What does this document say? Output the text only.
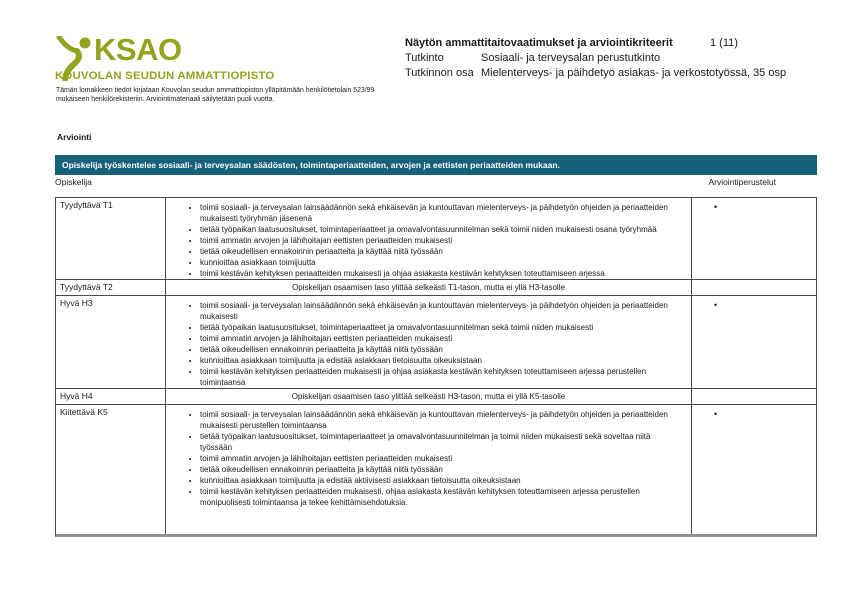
KSAO
KOUVOLAN SEUDUN AMMATTIOPISTO
Tämän lomakkeen tiedot kirjataan Kouvolan seudun ammattiopiston ylläpitämään henkilötietolain 523/99 mukaiseen henkilörekisteriin. Arviointimateriaali säilytetään puoli vuotta.
Näytön ammattitaitovaatimukset ja arviointikriteerit	1 (11)
Tutkinto	Sosiaali- ja terveysalan perustutkinto
Tutkinnon osa Mielenterveys- ja päihdetyö asiakas- ja verkostotyössä, 35 osp
Arviointi
Opiskelija työskentelee sosiaali- ja terveysalan säädösten, toimintaperiaatteiden, arvojen ja eettisten periaatteiden mukaan.
Opiskelija	Arviointiperustelut
Tyydyttävä T1	• toimii sosiaali- ja terveysalan lainsäädännön sekä ehkäisevän ja kuntouttavan mielenterveys- ja päihdetyön ohjeiden ja periaatteiden mukaisesti työryhmän jäsenenä
• tietää työpaikan laatusuositukset, toimintaperiaatteet ja omavalvontasuunnitelman sekä toimii niiden mukaisesti osana työryhmää
• toimii ammatin arvojen ja lähihoitajan eettisten periaatteiden mukaisesti
• tietää oikeudellisen ennakoinnin periaatteita ja käyttää niitä työssään
• kunnioittaa asiakkaan toimijuutta
• toimii kestävän kehityksen periaatteiden mukaisesti ja ohjaa asiakasta kestävän kehityksen toteuttamiseen arjessa
•
Tyydyttävä T2	Opiskelijan osaamisen taso ylittää selkeästi T1-tason, mutta ei yllä H3-tasolle
Hyvä H3	• toimii sosiaali- ja terveysalan lainsäädännön sekä ehkäisevän ja kuntouttavan mielenterveys- ja päihdetyön ohjeiden ja periaatteiden mukaisesti
• tietää työpaikan laatusuositukset, toimintaperiaatteet ja omavalvontasuunnitelman sekä toimii niiden mukaisesti
• toimii ammatin arvojen ja lähihoitajan eettisten periaatteiden mukaisesti
• tietää oikeudellisen ennakoinnin periaatteita ja käyttää niitä työssään
• kunnioittaa asiakkaan toimijuutta ja edistää asiakkaan tietoisuutta oikeuksistaan
• toimii kestävän kehityksen periaatteiden mukaisesti ja ohjaa asiakasta kestävän kehityksen toteuttamiseen arjessa perustellen toimintaansa
•
Hyvä H4	Opiskelijan osaamisen taso ylittää selkeästi H3-tason, mutta ei yllä K5-tasolle
Kiitettävä K5	• toimii sosiaali- ja terveysalan lainsäädännön sekä ehkäisevän ja kuntouttavan mielenterveys- ja päihdetyön ohjeiden ja periaatteiden mukaisesti perustellen toimintaansa
• tietää työpaikan laatusuositukset, toimintaperiaatteet ja omavalvontasuunnitelman ja toimii niiden mukaisesti sekä soveltaa niitä työssään
• toimii ammatin arvojen ja lähihoitajan eettisten periaatteiden mukaisesti
• tietää oikeudellisen ennakoinnin periaatteita ja käyttää niitä työssään
• kunnioittaa asiakkaan toimijuutta ja edistää aktiivisesti asiakkaan tietoisuutta oikeuksistaan
• toimii kestävän kehityksen periaatteiden mukaisesti, ohjaa asiakasta kestävän kehityksen toteuttamiseen arjessa perustellen monipuolisesti toimintaansa ja tekee kehittämisehdotuksia.
•
